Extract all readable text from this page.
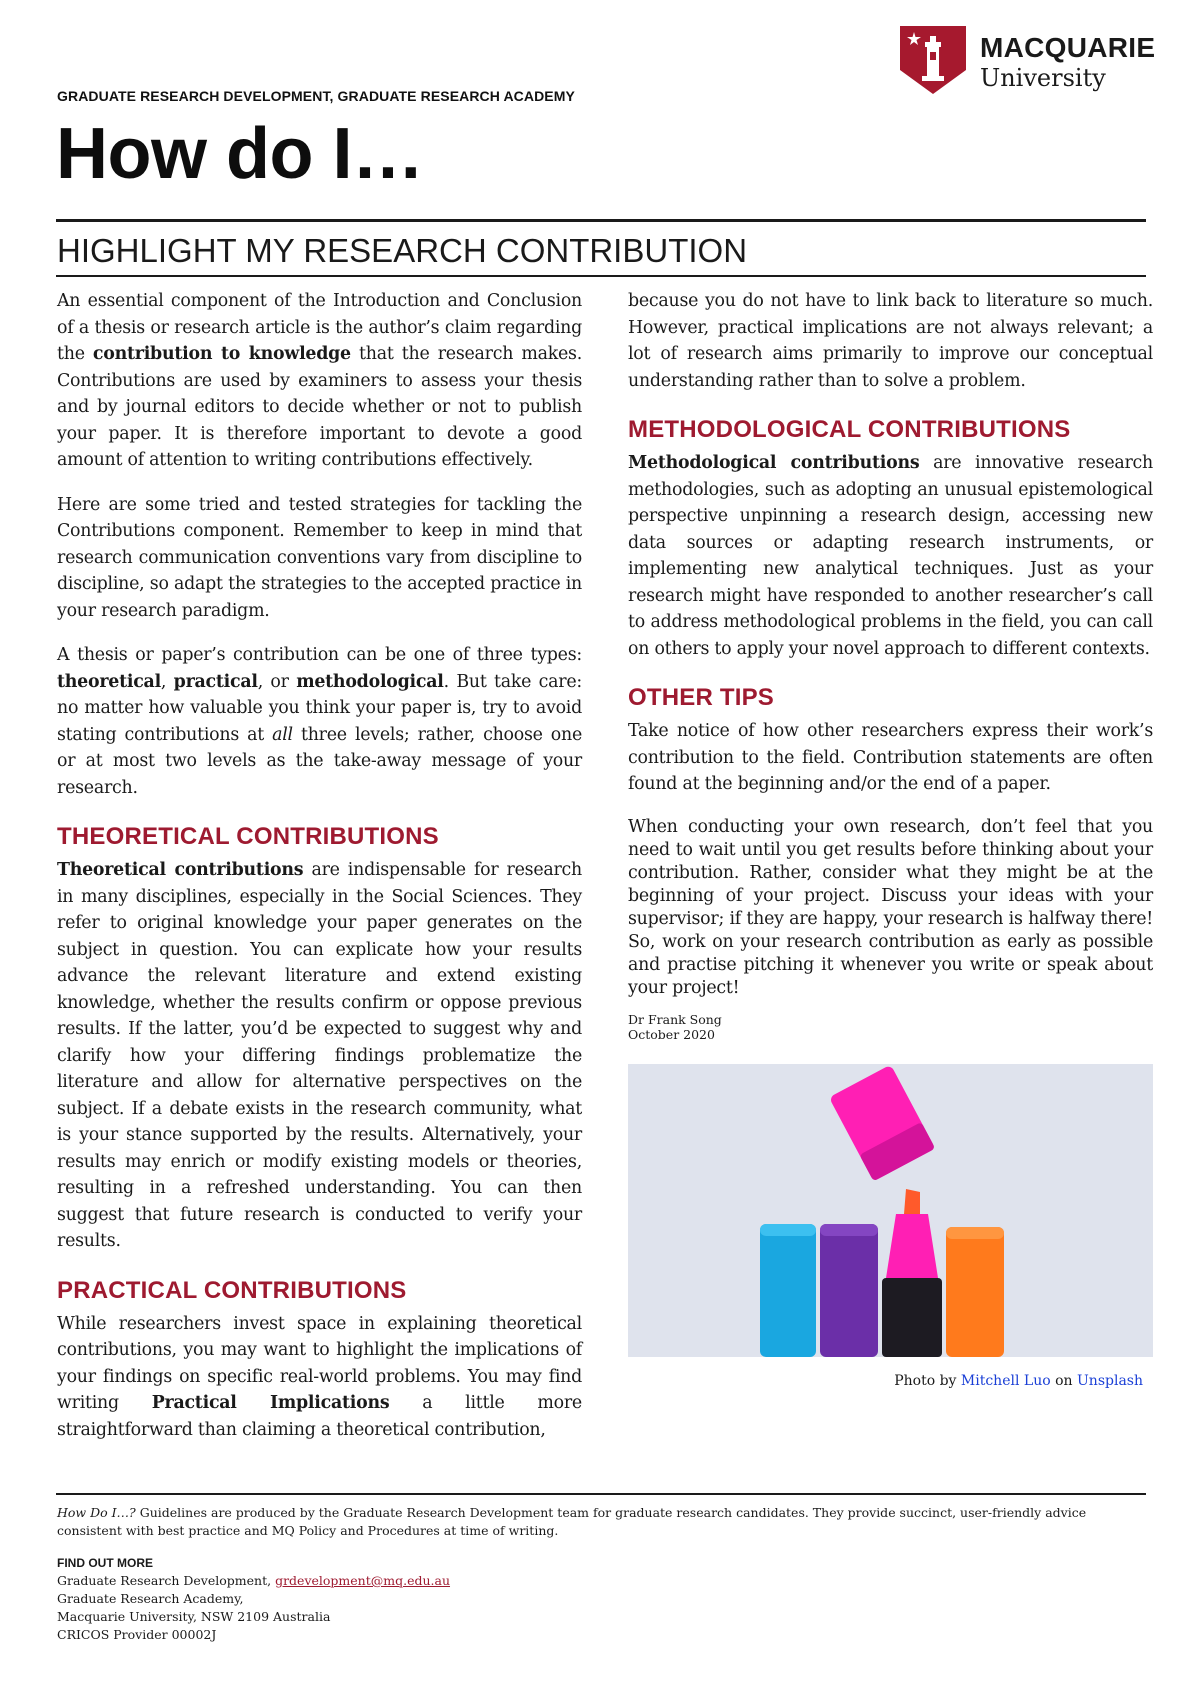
GRADUATE RESEARCH DEVELOPMENT, GRADUATE RESEARCH ACADEMY
MACQUARIE
University
How do I…
HIGHLIGHT MY RESEARCH CONTRIBUTION

An essential component of the Introduction and Conclusion of a thesis or research article is the author’s claim regarding the contribution to knowledge that the research makes. Contributions are used by examiners to assess your thesis and by journal editors to decide whether or not to publish your paper. It is therefore important to devote a good amount of attention to writing contributions effectively.

Here are some tried and tested strategies for tackling the Contributions component. Remember to keep in mind that research communication conventions vary from discipline to discipline, so adapt the strategies to the accepted practice in your research paradigm.

A thesis or paper’s contribution can be one of three types: theoretical, practical, or methodological. But take care: no matter how valuable you think your paper is, try to avoid stating contributions at all three levels; rather, choose one or at most two levels as the take-away message of your research.

THEORETICAL CONTRIBUTIONS

Theoretical contributions are indispensable for research in many disciplines, especially in the Social Sciences. They refer to original knowledge your paper generates on the subject in question. You can explicate how your results advance the relevant literature and extend existing knowledge, whether the results confirm or oppose previous results. If the latter, you’d be expected to suggest why and clarify how your differing findings problematize the literature and allow for alternative perspectives on the subject. If a debate exists in the research community, what is your stance supported by the results. Alternatively, your results may enrich or modify existing models or theories, resulting in a refreshed understanding. You can then suggest that future research is conducted to verify your results.

PRACTICAL CONTRIBUTIONS

While researchers invest space in explaining theoretical contributions, you may want to highlight the implications of your findings on specific real-world problems. You may find writing Practical Implications a little more straightforward than claiming a theoretical contribution,

because you do not have to link back to literature so much. However, practical implications are not always relevant; a lot of research aims primarily to improve our conceptual understanding rather than to solve a problem.

METHODOLOGICAL CONTRIBUTIONS

Methodological contributions are innovative research methodologies, such as adopting an unusual epistemological perspective unpinning a research design, accessing new data sources or adapting research instruments, or implementing new analytical techniques. Just as your research might have responded to another researcher’s call to address methodological problems in the field, you can call on others to apply your novel approach to different contexts.

OTHER TIPS

Take notice of how other researchers express their work’s contribution to the field. Contribution statements are often found at the beginning and/or the end of a paper.

When conducting your own research, don’t feel that you need to wait until you get results before thinking about your contribution. Rather, consider what they might be at the beginning of your project. Discuss your ideas with your supervisor; if they are happy, your research is halfway there! So, work on your research contribution as early as possible and practise pitching it whenever you write or speak about your project!

Dr Frank Song
October 2020
Photo by Mitchell Luo on Unsplash

How Do I…? Guidelines are produced by the Graduate Research Development team for graduate research candidates. They provide succinct, user-friendly advice consistent with best practice and MQ Policy and Procedures at time of writing.

FIND OUT MORE

Graduate Research Development, grdevelopment@mq.edu.au

Graduate Research Academy,

Macquarie University, NSW 2109 Australia

CRICOS Provider 00002J
